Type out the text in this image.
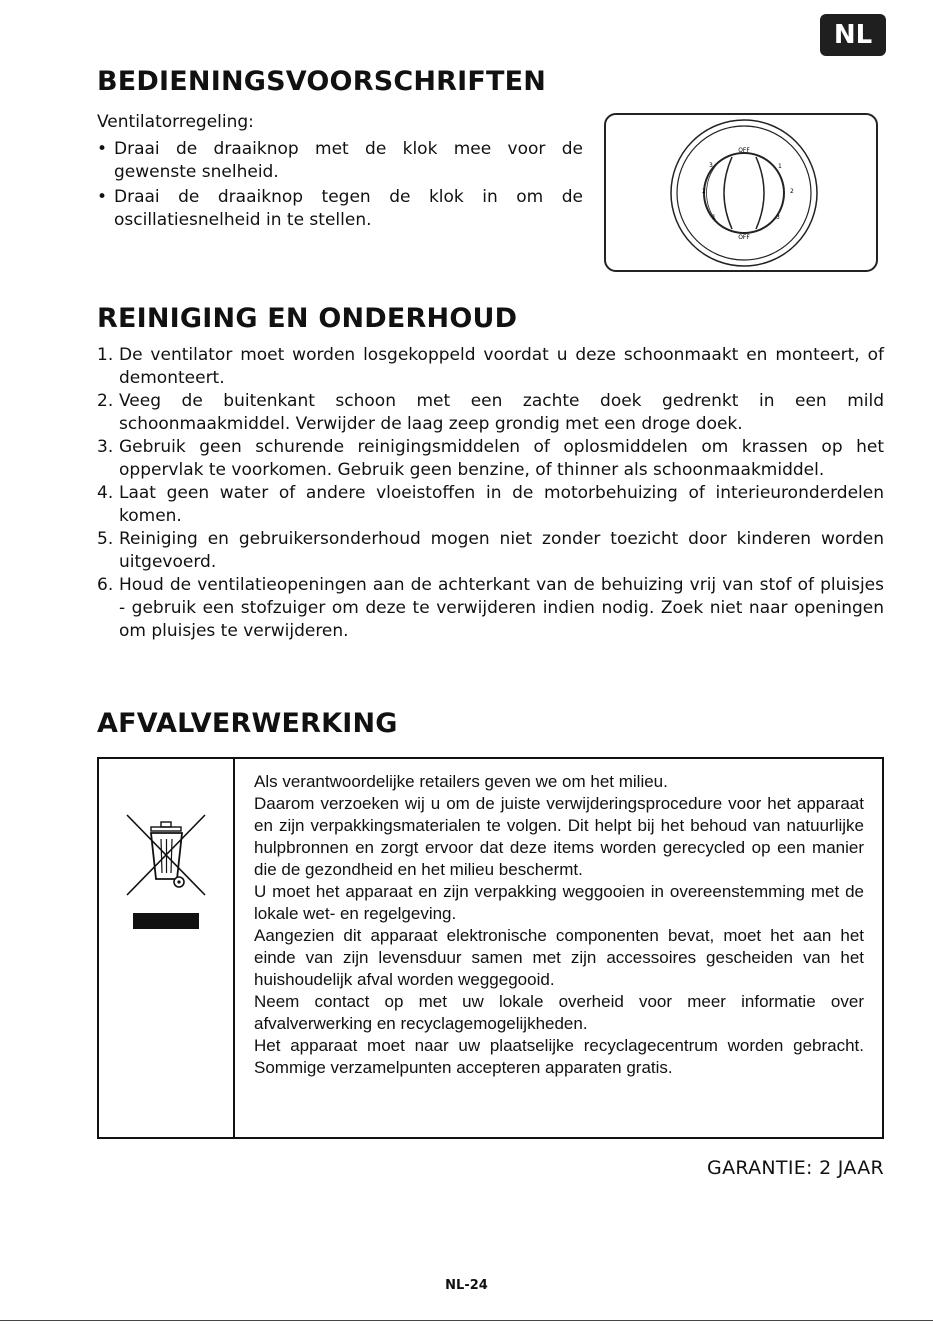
NL
BEDIENINGSVOORSCHRIFTEN
Ventilatorregeling:
• Draai de draaiknop met de klok mee voor de gewenste snelheid.
• Draai de draaiknop tegen de klok in om de oscillatiesnelheid in te stellen.
OFF
OFF
1
2
3
3
2
1
REINIGING EN ONDERHOUD
1. De ventilator moet worden losgekoppeld voordat u deze schoonmaakt en monteert, of demonteert.
2. Veeg de buitenkant schoon met een zachte doek gedrenkt in een mild schoonmaakmiddel. Verwijder de laag zeep grondig met een droge doek.
3. Gebruik geen schurende reinigingsmiddelen of oplosmiddelen om krassen op het oppervlak te voorkomen. Gebruik geen benzine, of thinner als schoonmaakmiddel.
4. Laat geen water of andere vloeistoffen in de motorbehuizing of interieuronderdelen komen.
5. Reiniging en gebruikersonderhoud mogen niet zonder toezicht door kinderen worden uitgevoerd.
6. Houd de ventilatieopeningen aan de achterkant van de behuizing vrij van stof of pluisjes - gebruik een stofzuiger om deze te verwijderen indien nodig. Zoek niet naar openingen om pluisjes te verwijderen.
AFVALVERWERKING

Als verantwoordelijke retailers geven we om het milieu.

Daarom verzoeken wij u om de juiste verwijderingsprocedure voor het apparaat en zijn verpakkingsmaterialen te volgen. Dit helpt bij het behoud van natuurlijke hulpbronnen en zorgt ervoor dat deze items worden gerecycled op een manier die de gezondheid en het milieu beschermt.

U moet het apparaat en zijn verpakking weggooien in overeenstemming met de lokale wet- en regelgeving.

Aangezien dit apparaat elektronische componenten bevat, moet het aan het einde van zijn levensduur samen met zijn accessoires gescheiden van het huishoudelijk afval worden weggegooid.

Neem contact op met uw lokale overheid voor meer informatie over afvalverwerking en recyclagemogelijkheden.

Het apparaat moet naar uw plaatselijke recyclagecentrum worden gebracht. Sommige verzamelpunten accepteren apparaten gratis.

GARANTIE: 2 JAAR
NL-24
